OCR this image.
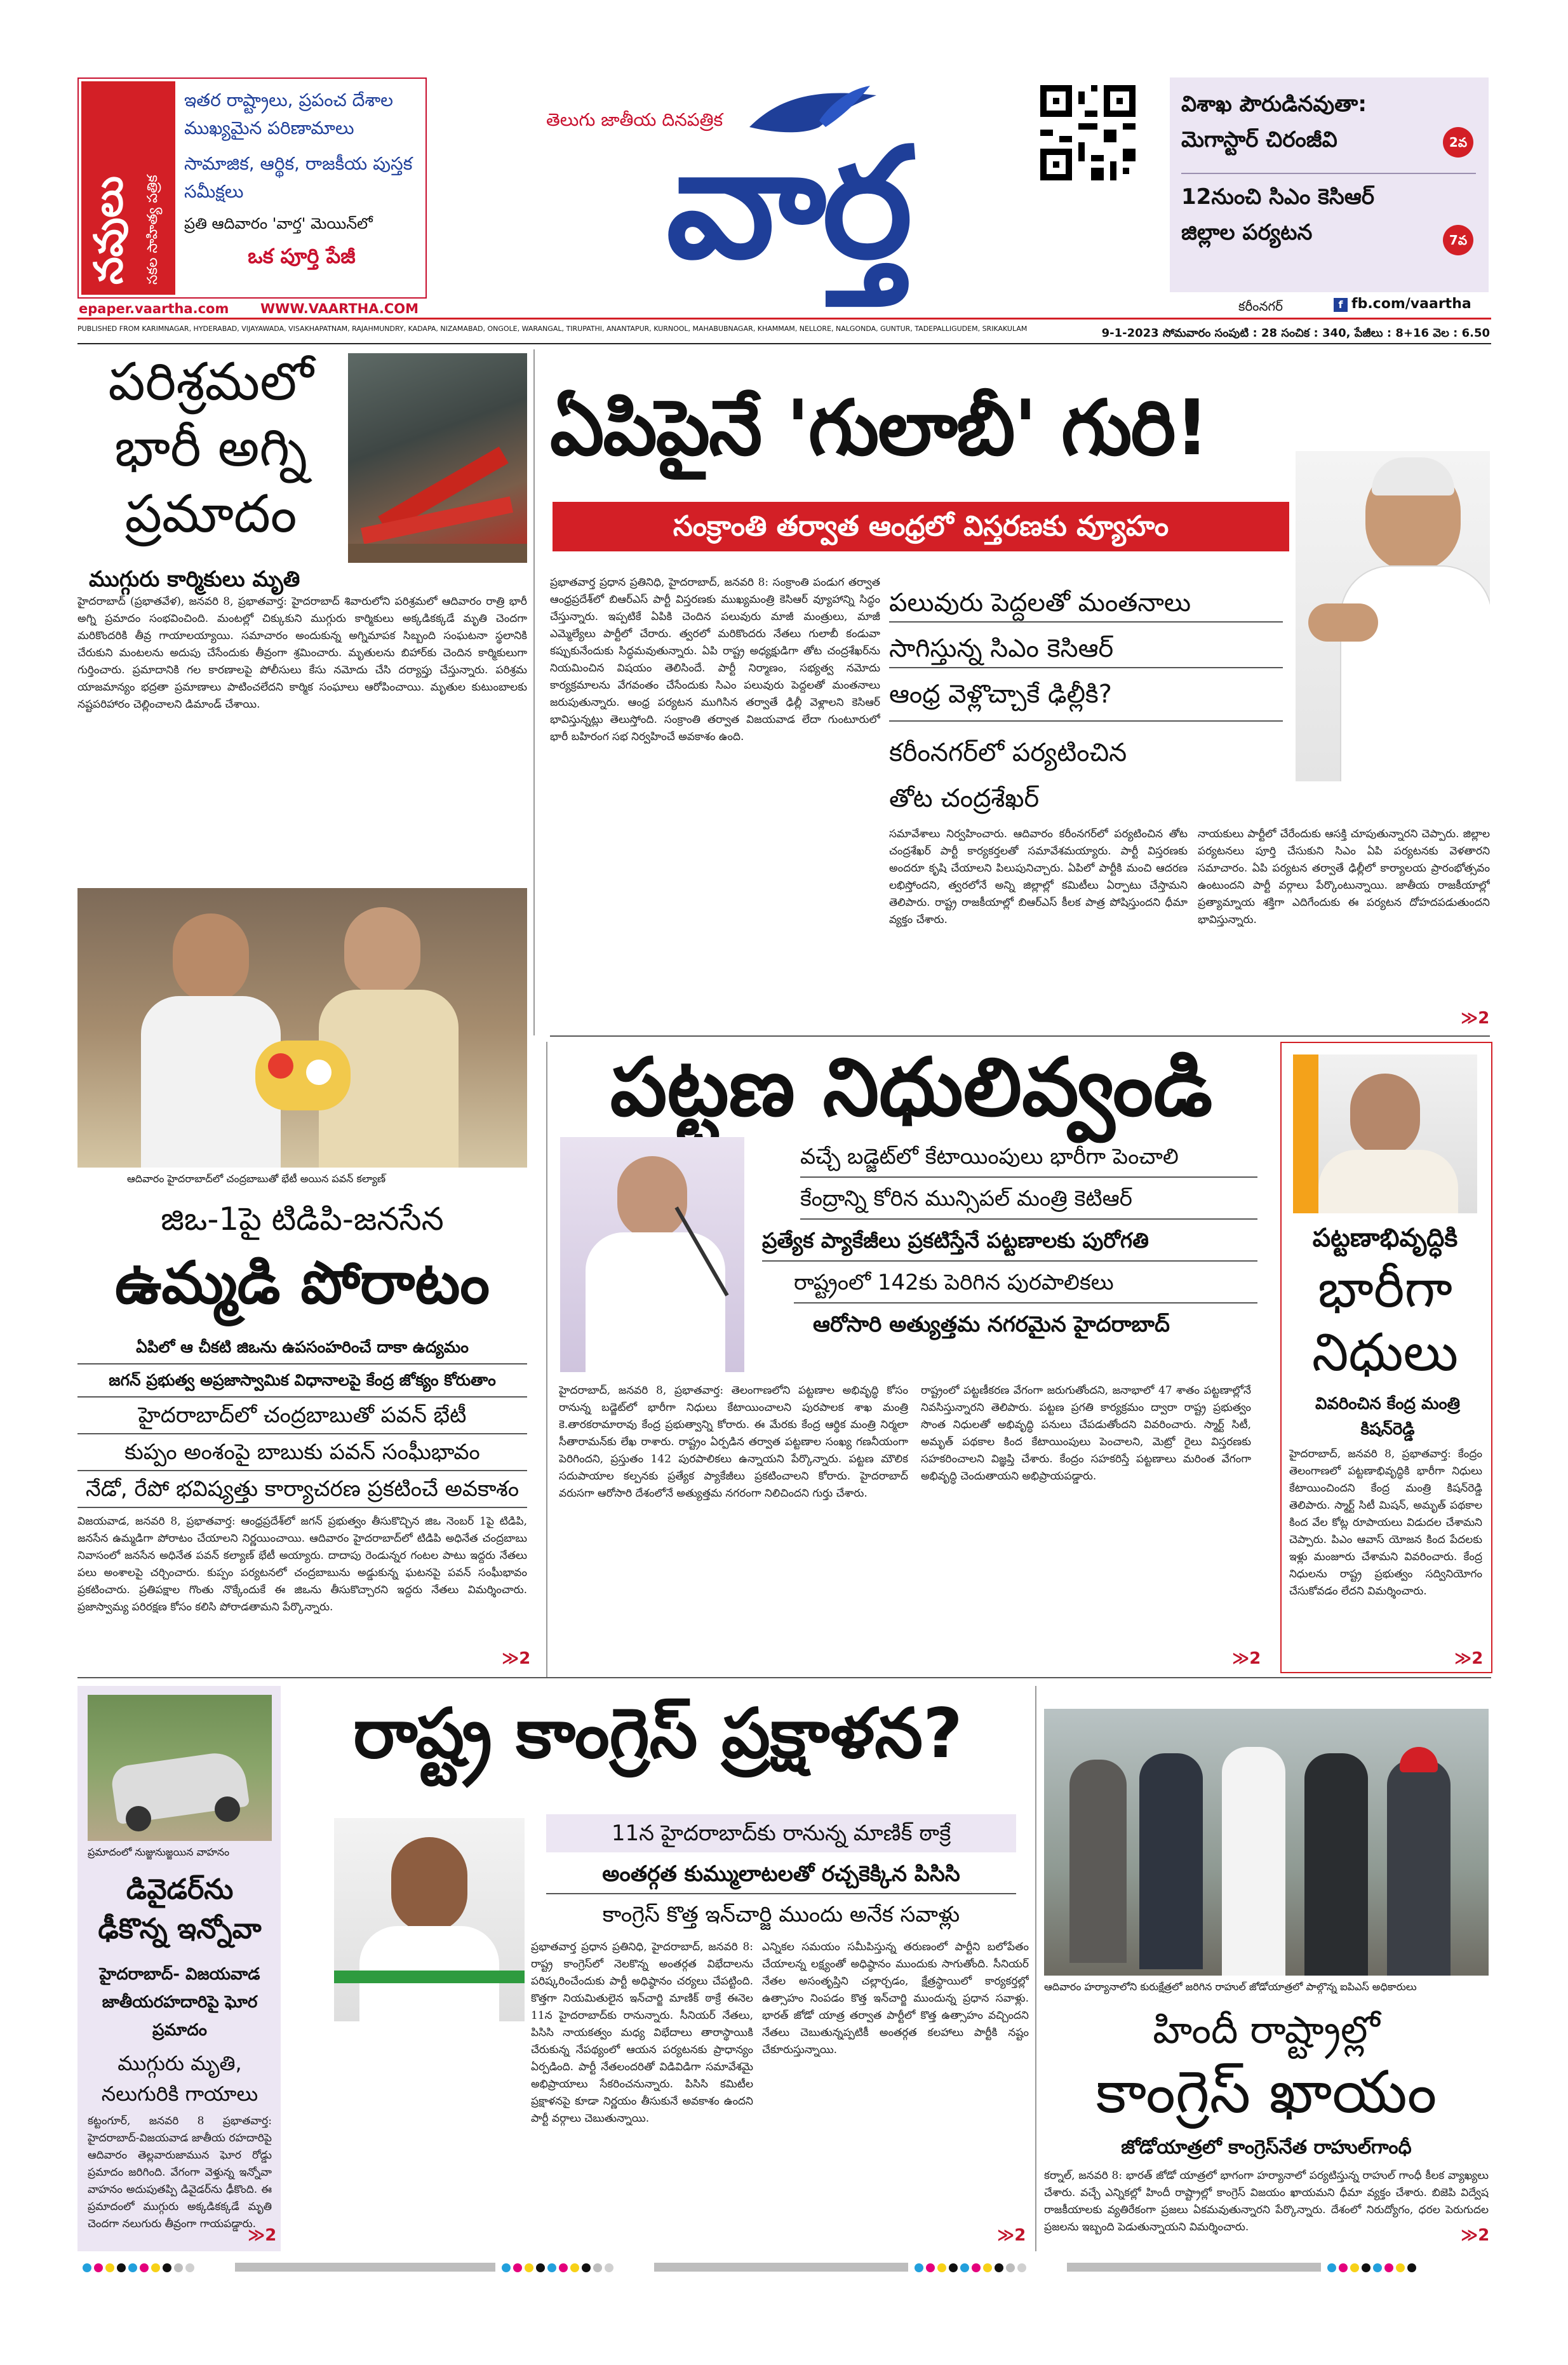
నవులు సకల సాహిత్య పత్రిక
ఇతర రాష్ట్రాలు, ప్రపంచ దేశాల ముఖ్యమైన పరిణామాలు
సామాజిక, ఆర్థిక, రాజకీయ పుస్తక సమీక్షలు
ప్రతి ఆదివారం 'వార్త' మెయిన్‌లో
ఒక పూర్తి పేజీ
epaper.vaartha.com WWW.VAARTHA.COM
తెలుగు జాతీయ దినపత్రిక
వార్త
విశాఖ పౌరుడినవుతా: మెగాస్టార్ చిరంజీవి	2వ
12నుంచి సిఎం కెసిఆర్ జిల్లాల పర్యటన	7వ
కరీంనగర్	f fb.com/vaartha
PUBLISHED FROM KARIMNAGAR, HYDERABAD, VIJAYAWADA, VISAKHAPATNAM, RAJAHMUNDRY, KADAPA, NIZAMABAD, ONGOLE, WARANGAL, TIRUPATHI, ANANTAPUR, KURNOOL, MAHABUBNAGAR, KHAMMAM, NELLORE, NALGONDA, GUNTUR, TADEPALLIGUDEM, SRIKAKULAM	9-1-2023 సోమవారం సంపుటి : 28 సంచిక : 340, పేజీలు : 8+16 వెల : 6.50
పరిశ్రమలో భారీ అగ్ని ప్రమాదం
ముగ్గురు కార్మికులు మృతి
హైదరాబాద్ (ప్రభాతవేళ), జనవరి 8, ప్రభాతవార్త: హైదరాబాద్ శివారులోని పరిశ్రమలో ఆదివారం రాత్రి భారీ అగ్ని ప్రమాదం సంభవించింది. మంటల్లో చిక్కుకుని ముగ్గురు కార్మికులు అక్కడికక్కడే మృతి చెందగా మరికొందరికి తీవ్ర గాయాలయ్యాయి. సమాచారం అందుకున్న అగ్నిమాపక సిబ్బంది సంఘటనా స్థలానికి చేరుకుని మంటలను అదుపు చేసేందుకు తీవ్రంగా శ్రమించారు. మృతులను బిహార్‌కు చెందిన కార్మికులుగా గుర్తించారు. ప్రమాదానికి గల కారణాలపై పోలీసులు కేసు నమోదు చేసి దర్యాప్తు చేస్తున్నారు. పరిశ్రమ యాజమాన్యం భద్రతా ప్రమాణాలు పాటించలేదని కార్మిక సంఘాలు ఆరోపించాయి. మృతుల కుటుంబాలకు నష్టపరిహారం చెల్లించాలని డిమాండ్ చేశాయి.
ఏపిపైనే 'గులాబీ' గురి!
సంక్రాంతి తర్వాత ఆంధ్రలో విస్తరణకు వ్యూహం
పలువురు పెద్దలతో మంతనాలు
సాగిస్తున్న సిఎం కెసిఆర్
ఆంధ్ర వెళ్లొచ్చాకే ఢిల్లీకి?
కరీంనగర్‌లో పర్యటించిన
తోట చంద్రశేఖర్
ప్రభాతవార్త ప్రధాన ప్రతినిధి, హైదరాబాద్, జనవరి 8: సంక్రాంతి పండుగ తర్వాత ఆంధ్రప్రదేశ్‌లో బిఆర్ఎస్ పార్టీ విస్తరణకు ముఖ్యమంత్రి కెసిఆర్ వ్యూహాన్ని సిద్ధం చేస్తున్నారు. ఇప్పటికే ఏపికి చెందిన పలువురు మాజీ మంత్రులు, మాజీ ఎమ్మెల్యేలు పార్టీలో చేరారు. త్వరలో మరికొందరు నేతలు గులాబీ కండువా కప్పుకునేందుకు సిద్ధమవుతున్నారు. ఏపి రాష్ట్ర అధ్యక్షుడిగా తోట చంద్రశేఖర్‌ను నియమించిన విషయం తెలిసిందే. పార్టీ నిర్మాణం, సభ్యత్వ నమోదు కార్యక్రమాలను వేగవంతం చేసేందుకు సిఎం పలువురు పెద్దలతో మంతనాలు జరుపుతున్నారు. ఆంధ్ర పర్యటన ముగిసిన తర్వాతే ఢిల్లీ వెళ్లాలని కెసిఆర్ భావిస్తున్నట్లు తెలుస్తోంది. సంక్రాంతి తర్వాత విజయవాడ లేదా గుంటూరులో భారీ బహిరంగ సభ నిర్వహించే అవకాశం ఉంది.
సమావేశాలు నిర్వహించారు. ఆదివారం కరీంనగర్‌లో పర్యటించిన తోట చంద్రశేఖర్ పార్టీ కార్యకర్తలతో సమావేశమయ్యారు. పార్టీ విస్తరణకు అందరూ కృషి చేయాలని పిలుపునిచ్చారు. ఏపిలో పార్టీకి మంచి ఆదరణ లభిస్తోందని, త్వరలోనే అన్ని జిల్లాల్లో కమిటీలు ఏర్పాటు చేస్తామని తెలిపారు. రాష్ట్ర రాజకీయాల్లో బిఆర్ఎస్ కీలక పాత్ర పోషిస్తుందని ధీమా వ్యక్తం చేశారు.
నాయకులు పార్టీలో చేరేందుకు ఆసక్తి చూపుతున్నారని చెప్పారు. జిల్లాల పర్యటనలు పూర్తి చేసుకుని సిఎం ఏపి పర్యటనకు వెళతారని సమాచారం. ఏపి పర్యటన తర్వాతే ఢిల్లీలో కార్యాలయ ప్రారంభోత్సవం ఉంటుందని పార్టీ వర్గాలు పేర్కొంటున్నాయి. జాతీయ రాజకీయాల్లో ప్రత్యామ్నాయ శక్తిగా ఎదిగేందుకు ఈ పర్యటన దోహదపడుతుందని భావిస్తున్నారు.
≫2
ఆదివారం హైదరాబాద్‌లో చంద్రబాబుతో భేటీ అయిన పవన్ కల్యాణ్
జిఒ-1పై టిడిపి-జనసేన
ఉమ్మడి పోరాటం
ఏపిలో ఆ చీకటి జిఒను ఉపసంహరించే దాకా ఉద్యమం
జగన్ ప్రభుత్వ అప్రజాస్వామిక విధానాలపై కేంద్ర జోక్యం కోరుతాం
హైదరాబాద్‌లో చంద్రబాబుతో పవన్ భేటీ
కుప్పం అంశంపై బాబుకు పవన్ సంఘీభావం
నేడో, రేపో భవిష్యత్తు కార్యాచరణ ప్రకటించే అవకాశం
విజయవాడ, జనవరి 8, ప్రభాతవార్త: ఆంధ్రప్రదేశ్‌లో జగన్ ప్రభుత్వం తీసుకొచ్చిన జిఒ నెంబర్ 1పై టిడిపి, జనసేన ఉమ్మడిగా పోరాటం చేయాలని నిర్ణయించాయి. ఆదివారం హైదరాబాద్‌లో టిడిపి అధినేత చంద్రబాబు నివాసంలో జనసేన అధినేత పవన్ కల్యాణ్ భేటీ అయ్యారు. దాదాపు రెండున్నర గంటల పాటు ఇద్దరు నేతలు పలు అంశాలపై చర్చించారు. కుప్పం పర్యటనలో చంద్రబాబును అడ్డుకున్న ఘటనపై పవన్ సంఘీభావం ప్రకటించారు. ప్రతిపక్షాల గొంతు నొక్కేందుకే ఈ జిఒను తీసుకొచ్చారని ఇద్దరు నేతలు విమర్శించారు. ప్రజాస్వామ్య పరిరక్షణ కోసం కలిసి పోరాడతామని పేర్కొన్నారు.
≫2
పట్టణ నిధులివ్వండి
వచ్చే బడ్జెట్‌లో కేటాయింపులు భారీగా పెంచాలి
కేంద్రాన్ని కోరిన మున్సిపల్ మంత్రి కెటిఆర్
ప్రత్యేక ప్యాకేజీలు ప్రకటిస్తేనే పట్టణాలకు పురోగతి
రాష్ట్రంలో 142కు పెరిగిన పురపాలికలు
ఆరోసారి అత్యుత్తమ నగరమైన హైదరాబాద్
హైదరాబాద్, జనవరి 8, ప్రభాతవార్త: తెలంగాణలోని పట్టణాల అభివృద్ధి కోసం రానున్న బడ్జెట్‌లో భారీగా నిధులు కేటాయించాలని పురపాలక శాఖ మంత్రి కె.తారకరామారావు కేంద్ర ప్రభుత్వాన్ని కోరారు. ఈ మేరకు కేంద్ర ఆర్థిక మంత్రి నిర్మలా సీతారామన్‌కు లేఖ రాశారు. రాష్ట్రం ఏర్పడిన తర్వాత పట్టణాల సంఖ్య గణనీయంగా పెరిగిందని, ప్రస్తుతం 142 పురపాలికలు ఉన్నాయని పేర్కొన్నారు. పట్టణ మౌలిక సదుపాయాల కల్పనకు ప్రత్యేక ప్యాకేజీలు ప్రకటించాలని కోరారు. హైదరాబాద్ వరుసగా ఆరోసారి దేశంలోనే అత్యుత్తమ నగరంగా నిలిచిందని గుర్తు చేశారు.
రాష్ట్రంలో పట్టణీకరణ వేగంగా జరుగుతోందని, జనాభాలో 47 శాతం పట్టణాల్లోనే నివసిస్తున్నారని తెలిపారు. పట్టణ ప్రగతి కార్యక్రమం ద్వారా రాష్ట్ర ప్రభుత్వం సొంత నిధులతో అభివృద్ధి పనులు చేపడుతోందని వివరించారు. స్మార్ట్ సిటీ, అమృత్ పథకాల కింద కేటాయింపులు పెంచాలని, మెట్రో రైలు విస్తరణకు సహకరించాలని విజ్ఞప్తి చేశారు. కేంద్రం సహకరిస్తే పట్టణాలు మరింత వేగంగా అభివృద్ధి చెందుతాయని అభిప్రాయపడ్డారు.
≫2
పట్టణాభివృద్ధికి
భారీగా నిధులు
వివరించిన కేంద్ర మంత్రి కిషన్‌రెడ్డి
హైదరాబాద్, జనవరి 8, ప్రభాతవార్త: కేంద్రం తెలంగాణలో పట్టణాభివృద్ధికి భారీగా నిధులు కేటాయించిందని కేంద్ర మంత్రి కిషన్‌రెడ్డి తెలిపారు. స్మార్ట్ సిటీ మిషన్, అమృత్ పథకాల కింద వేల కోట్ల రూపాయలు విడుదల చేశామని చెప్పారు. పిఎం ఆవాస్ యోజన కింద పేదలకు ఇళ్లు మంజూరు చేశామని వివరించారు. కేంద్ర నిధులను రాష్ట్ర ప్రభుత్వం సద్వినియోగం చేసుకోవడం లేదని విమర్శించారు.
≫2
ప్రమాదంలో నుజ్జునుజ్జయిన వాహనం
డివైడర్‌ను ఢీకొన్న ఇన్నోవా
హైదరాబాద్- విజయవాడ జాతీయరహదారిపై ఘోర ప్రమాదం
ముగ్గురు మృతి, నలుగురికి గాయాలు
కట్టంగూర్, జనవరి 8 ప్రభాతవార్త: హైదరాబాద్-విజయవాడ జాతీయ రహదారిపై ఆదివారం తెల్లవారుజామున ఘోర రోడ్డు ప్రమాదం జరిగింది. వేగంగా వెళ్తున్న ఇన్నోవా వాహనం అదుపుతప్పి డివైడర్‌ను ఢీకొంది. ఈ ప్రమాదంలో ముగ్గురు అక్కడికక్కడే మృతి చెందగా నలుగురు తీవ్రంగా గాయపడ్డారు.
≫2
రాష్ట్ర కాంగ్రెస్ ప్రక్షాళన?
11న హైదరాబాద్‌కు రానున్న మాణిక్ ఠాక్రే
అంతర్గత కుమ్ములాటలతో రచ్చకెక్కిన పిసిసి
కాంగ్రెస్ కొత్త ఇన్‌చార్జి ముందు అనేక సవాళ్లు
ప్రభాతవార్త ప్రధాన ప్రతినిధి, హైదరాబాద్, జనవరి 8: రాష్ట్ర కాంగ్రెస్‌లో నెలకొన్న అంతర్గత విభేదాలను పరిష్కరించేందుకు పార్టీ అధిష్ఠానం చర్యలు చేపట్టింది. కొత్తగా నియమితులైన ఇన్‌చార్జి మాణిక్ ఠాక్రే ఈనెల 11న హైదరాబాద్‌కు రానున్నారు. సీనియర్ నేతలు, పిసిసి నాయకత్వం మధ్య విభేదాలు తారాస్థాయికి చేరుకున్న నేపథ్యంలో ఆయన పర్యటనకు ప్రాధాన్యం ఏర్పడింది. పార్టీ నేతలందరితో విడివిడిగా సమావేశమై అభిప్రాయాలు సేకరించనున్నారు. పిసిసి కమిటీల ప్రక్షాళనపై కూడా నిర్ణయం తీసుకునే అవకాశం ఉందని పార్టీ వర్గాలు చెబుతున్నాయి.
ఎన్నికల సమయం సమీపిస్తున్న తరుణంలో పార్టీని బలోపేతం చేయాలన్న లక్ష్యంతో అధిష్ఠానం ముందుకు సాగుతోంది. సీనియర్ నేతల అసంతృప్తిని చల్లార్చడం, క్షేత్రస్థాయిలో కార్యకర్తల్లో ఉత్సాహం నింపడం కొత్త ఇన్‌చార్జి ముందున్న ప్రధాన సవాళ్లు. భారత్ జోడో యాత్ర తర్వాత పార్టీలో కొత్త ఉత్సాహం వచ్చిందని నేతలు చెబుతున్నప్పటికీ అంతర్గత కలహాలు పార్టీకి నష్టం చేకూరుస్తున్నాయి.
≫2
ఆదివారం హర్యానాలోని కురుక్షేత్రలో జరిగిన రాహుల్ జోడోయాత్రలో పాల్గొన్న ఐపిఎస్ అధికారులు
హిందీ రాష్ట్రాల్లో
కాంగ్రెస్ ఖాయం
జోడోయాత్రలో కాంగ్రెస్‌నేత రాహుల్‌గాంధీ
కర్నాల్, జనవరి 8: భారత్ జోడో యాత్రలో భాగంగా హర్యానాలో పర్యటిస్తున్న రాహుల్ గాంధీ కీలక వ్యాఖ్యలు చేశారు. వచ్చే ఎన్నికల్లో హిందీ రాష్ట్రాల్లో కాంగ్రెస్ విజయం ఖాయమని ధీమా వ్యక్తం చేశారు. బిజెపి విద్వేష రాజకీయాలకు వ్యతిరేకంగా ప్రజలు ఏకమవుతున్నారని పేర్కొన్నారు. దేశంలో నిరుద్యోగం, ధరల పెరుగుదల ప్రజలను ఇబ్బంది పెడుతున్నాయని విమర్శించారు.	≫2
